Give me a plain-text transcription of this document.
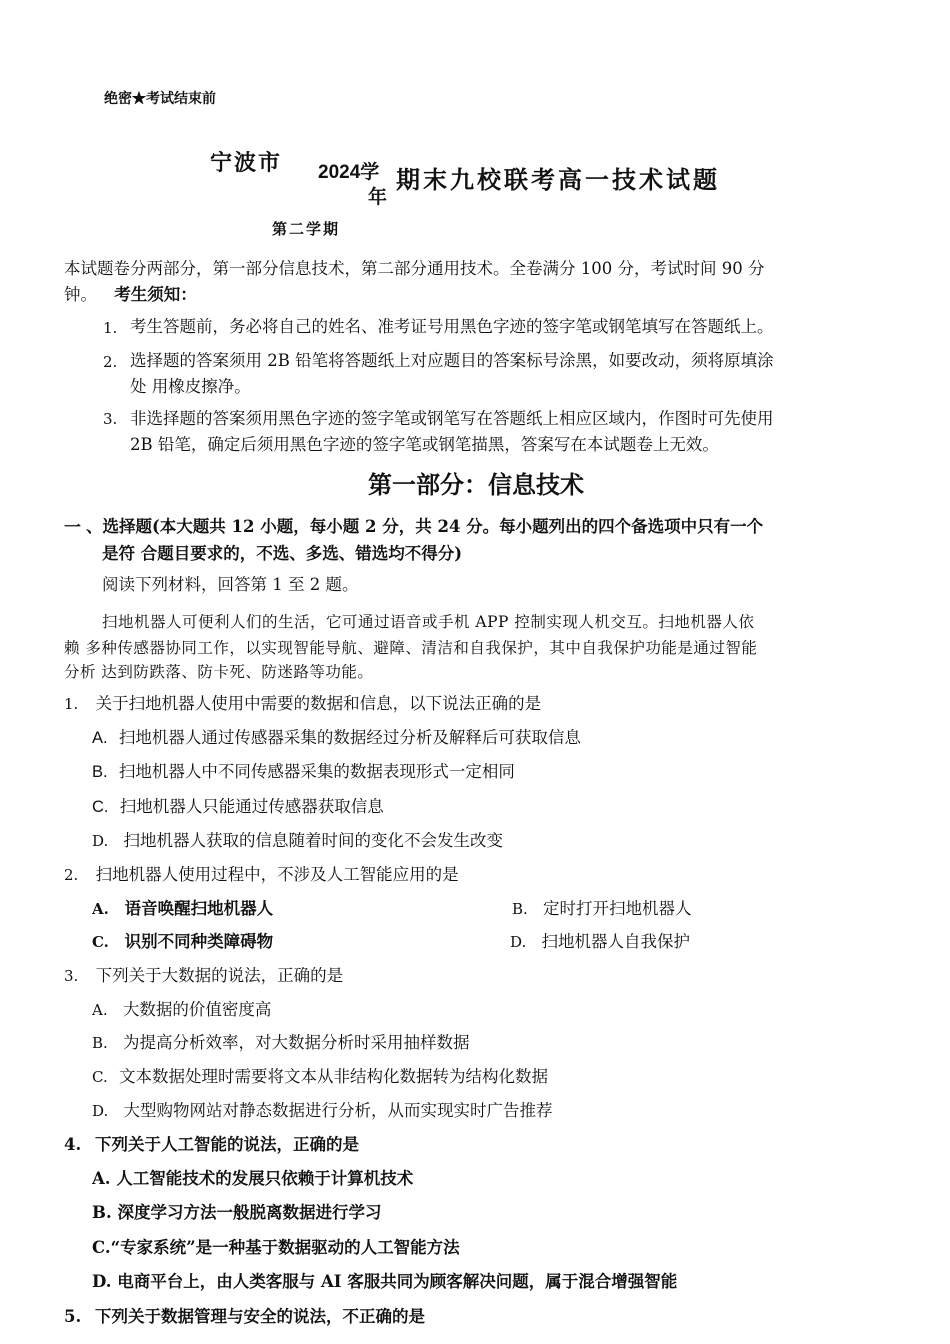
绝密★考试结束前
宁波市 2024学
年
期末九校联考高一技术试题
第二学期
本试题卷分两部分，第一部分信息技术，第二部分通用技术。全卷满分 100 分，考试时间 90 分
钟。 考生须知：
1. 考生答题前，务必将自己的姓名、准考证号用黑色字迹的签字笔或钢笔填写在答题纸上。
2. 选择题的答案须用 2B 铅笔将答题纸上对应题目的答案标号涂黑，如要改动，须将原填涂
处 用橡皮擦净。
3. 非选择题的答案须用黑色字迹的签字笔或钢笔写在答题纸上相应区域内，作图时可先使用
2B 铅笔，确定后须用黑色字迹的签字笔或钢笔描黑，答案写在本试题卷上无效。
第一部分：信息技术
一 、选择题(本大题共 12 小题，每小题 2 分，共 24 分。每小题列出的四个备选项中只有一个
是符 合题目要求的，不选、多选、错选均不得分)
阅读下列材料，回答第 1 至 2 题。
扫地机器人可便利人们的生活，它可通过语音或手机 APP 控制实现人机交互。扫地机器人依
赖 多种传感器协同工作，以实现智能导航、避障、清洁和自我保护，其中自我保护功能是通过智能
分析 达到防跌落、防卡死、防迷路等功能。
1. 关于扫地机器人使用中需要的数据和信息，以下说法正确的是
A. 扫地机器人通过传感器采集的数据经过分析及解释后可获取信息
B. 扫地机器人中不同传感器采集的数据表现形式一定相同
C. 扫地机器人只能通过传感器获取信息
D. 扫地机器人获取的信息随着时间的变化不会发生改变
2. 扫地机器人使用过程中，不涉及人工智能应用的是
A. 语音唤醒扫地机器人	B. 定时打开扫地机器人
C. 识别不同种类障碍物	D. 扫地机器人自我保护
3. 下列关于大数据的说法，正确的是
A. 大数据的价值密度高
B. 为提高分析效率，对大数据分析时采用抽样数据
C. 文本数据处理时需要将文本从非结构化数据转为结构化数据
D. 大型购物网站对静态数据进行分析，从而实现实时广告推荐
4. 下列关于人工智能的说法，正确的是
A. 人工智能技术的发展只依赖于计算机技术
B. 深度学习方法一般脱离数据进行学习
C.“专家系统”是一种基于数据驱动的人工智能方法
D. 电商平台上，由人类客服与 AI 客服共同为顾客解决问题，属于混合增强智能
5. 下列关于数据管理与安全的说法，不正确的是
